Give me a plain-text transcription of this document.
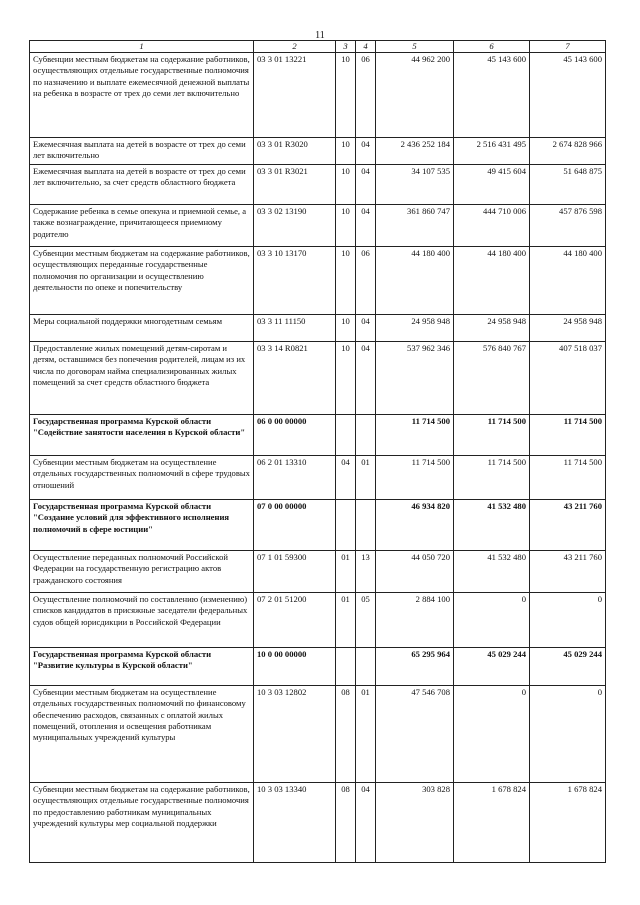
11
1	2	3	4	5	6	7
Субвенции местным бюджетам на содержание работников, осуществляющих отдельные государственные полномочия по назначению и выплате ежемесячной денежной выплаты на ребенка в возрасте от трех до семи лет включительно	03 3 01 13221	10	06	44 962 200	45 143 600	45 143 600
Ежемесячная выплата на детей в возрасте от трех до семи лет включительно	03 3 01 R3020	10	04	2 436 252 184	2 516 431 495	2 674 828 966
Ежемесячная выплата на детей в возрасте от трех до семи лет включительно, за счет средств областного бюджета	03 3 01 R3021	10	04	34 107 535	49 415 604	51 648 875
Содержание ребенка в семье опекуна и приемной семье, а также вознаграждение, причитающееся приемному родителю	03 3 02 13190	10	04	361 860 747	444 710 006	457 876 598
Субвенции местным бюджетам на содержание работников, осуществляющих переданные государственные полномочия по организации и осуществлению деятельности по опеке и попечительству	03 3 10 13170	10	06	44 180 400	44 180 400	44 180 400
Меры социальной поддержки многодетным семьям	03 3 11 11150	10	04	24 958 948	24 958 948	24 958 948
Предоставление жилых помещений детям-сиротам и детям, оставшимся без попечения родителей, лицам из их числа по договорам найма специализированных жилых помещений за счет средств областного бюджета	03 3 14 R0821	10	04	537 962 346	576 840 767	407 518 037
Государственная программа Курской области "Содействие занятости населения в Курской области"	06 0 00 00000			11 714 500	11 714 500	11 714 500
Субвенции местным бюджетам на осуществление отдельных государственных полномочий в сфере трудовых отношений	06 2 01 13310	04	01	11 714 500	11 714 500	11 714 500
Государственная программа Курской области "Создание условий для эффективного исполнения полномочий в сфере юстиции"	07 0 00 00000			46 934 820	41 532 480	43 211 760
Осуществление переданных полномочий Российской Федерации на государственную регистрацию актов гражданского состояния	07 1 01 59300	01	13	44 050 720	41 532 480	43 211 760
Осуществление полномочий по составлению (изменению) списков кандидатов в присяжные заседатели федеральных судов общей юрисдикции в Российской Федерации	07 2 01 51200	01	05	2 884 100	0	0
Государственная программа Курской области "Развитие культуры в Курской области"	10 0 00 00000			65 295 964	45 029 244	45 029 244
Субвенции местным бюджетам на осуществление отдельных государственных полномочий по финансовому обеспечению расходов, связанных с оплатой жилых помещений, отопления и освещения работникам муниципальных учреждений культуры	10 3 03 12802	08	01	47 546 708	0	0
Субвенции местным бюджетам на содержание работников, осуществляющих отдельные государственные полномочия по предоставлению работникам муниципальных учреждений культуры мер социальной поддержки	10 3 03 13340	08	04	303 828	1 678 824	1 678 824
